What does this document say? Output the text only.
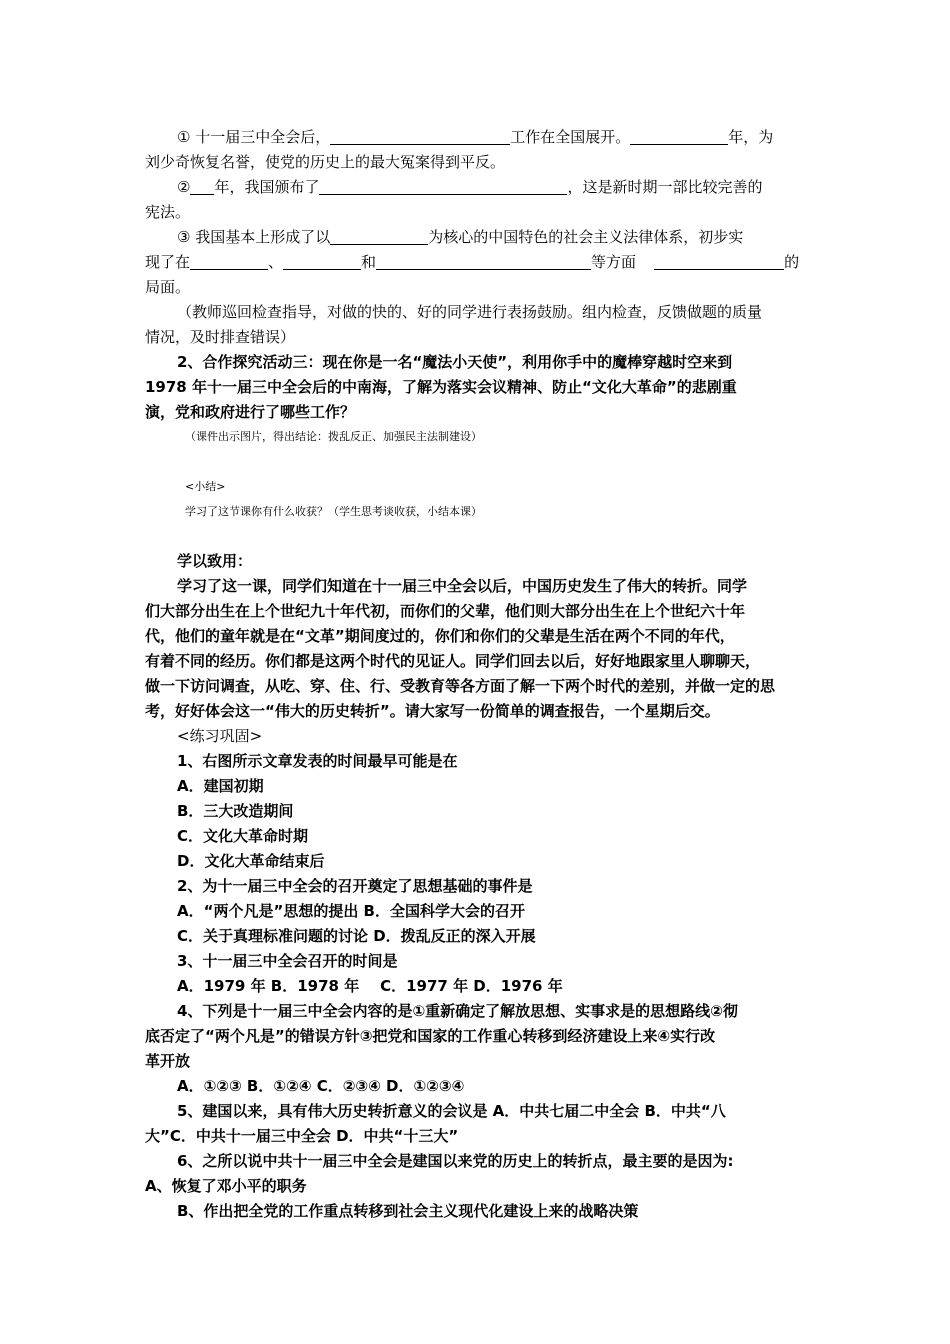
① 十一届三中全会后，	工作在全国展开。	年，为
刘少奇恢复名誉，使党的历史上的最大冤案得到平反。
② 年，我国颁布了	，这是新时期一部比较完善的
宪法。
③ 我国基本上形成了以	为核心的中国特色的社会主义法律体系，初步实
现了在	、	和	等方面	的
局面。
（教师巡回检查指导，对做的快的、好的同学进行表扬鼓励。组内检查，反馈做题的质量
情况，及时排查错误）
2、合作探究活动三：现在你是一名“魔法小天使”，利用你手中的魔棒穿越时空来到
1978 年十一届三中全会后的中南海，了解为落实会议精神、防止“文化大革命”的悲剧重
演，党和政府进行了哪些工作？
（课件出示图片，得出结论：拨乱反正、加强民主法制建设）
<小结>
学习了这节课你有什么收获？（学生思考谈收获，小结本课）
学以致用：
学习了这一课，同学们知道在十一届三中全会以后，中国历史发生了伟大的转折。同学
们大部分出生在上个世纪九十年代初，而你们的父辈，他们则大部分出生在上个世纪六十年
代，他们的童年就是在“文革”期间度过的，你们和你们的父辈是生活在两个不同的年代，
有着不同的经历。你们都是这两个时代的见证人。同学们回去以后，好好地跟家里人聊聊天，
做一下访问调查，从吃、穿、住、行、受教育等各方面了解一下两个时代的差别，并做一定的思
考，好好体会这一“伟大的历史转折”。请大家写一份简单的调查报告，一个星期后交。
<练习巩固>
1、右图所示文章发表的时间最早可能是在
A．建国初期
B．三大改造期间
C．文化大革命时期
D．文化大革命结束后
2、为十一届三中全会的召开奠定了思想基础的事件是
A．“两个凡是”思想的提出 B．全国科学大会的召开
C．关于真理标准问题的讨论 D．拨乱反正的深入开展
3、十一届三中全会召开的时间是
A．1979 年 B．1978 年    C．1977 年 D．1976 年
4、下列是十一届三中全会内容的是①重新确定了解放思想、实事求是的思想路线②彻
底否定了“两个凡是”的错误方针③把党和国家的工作重心转移到经济建设上来④实行改
革开放
A．①②③ B．①②④ C．②③④ D．①②③④
5、建国以来，具有伟大历史转折意义的会议是 A．中共七届二中全会 B．中共“八
大”C．中共十一届三中全会 D．中共“十三大”
6、之所以说中共十一届三中全会是建国以来党的历史上的转折点，最主要的是因为:
A、恢复了邓小平的职务
B、作出把全党的工作重点转移到社会主义现代化建设上来的战略决策
